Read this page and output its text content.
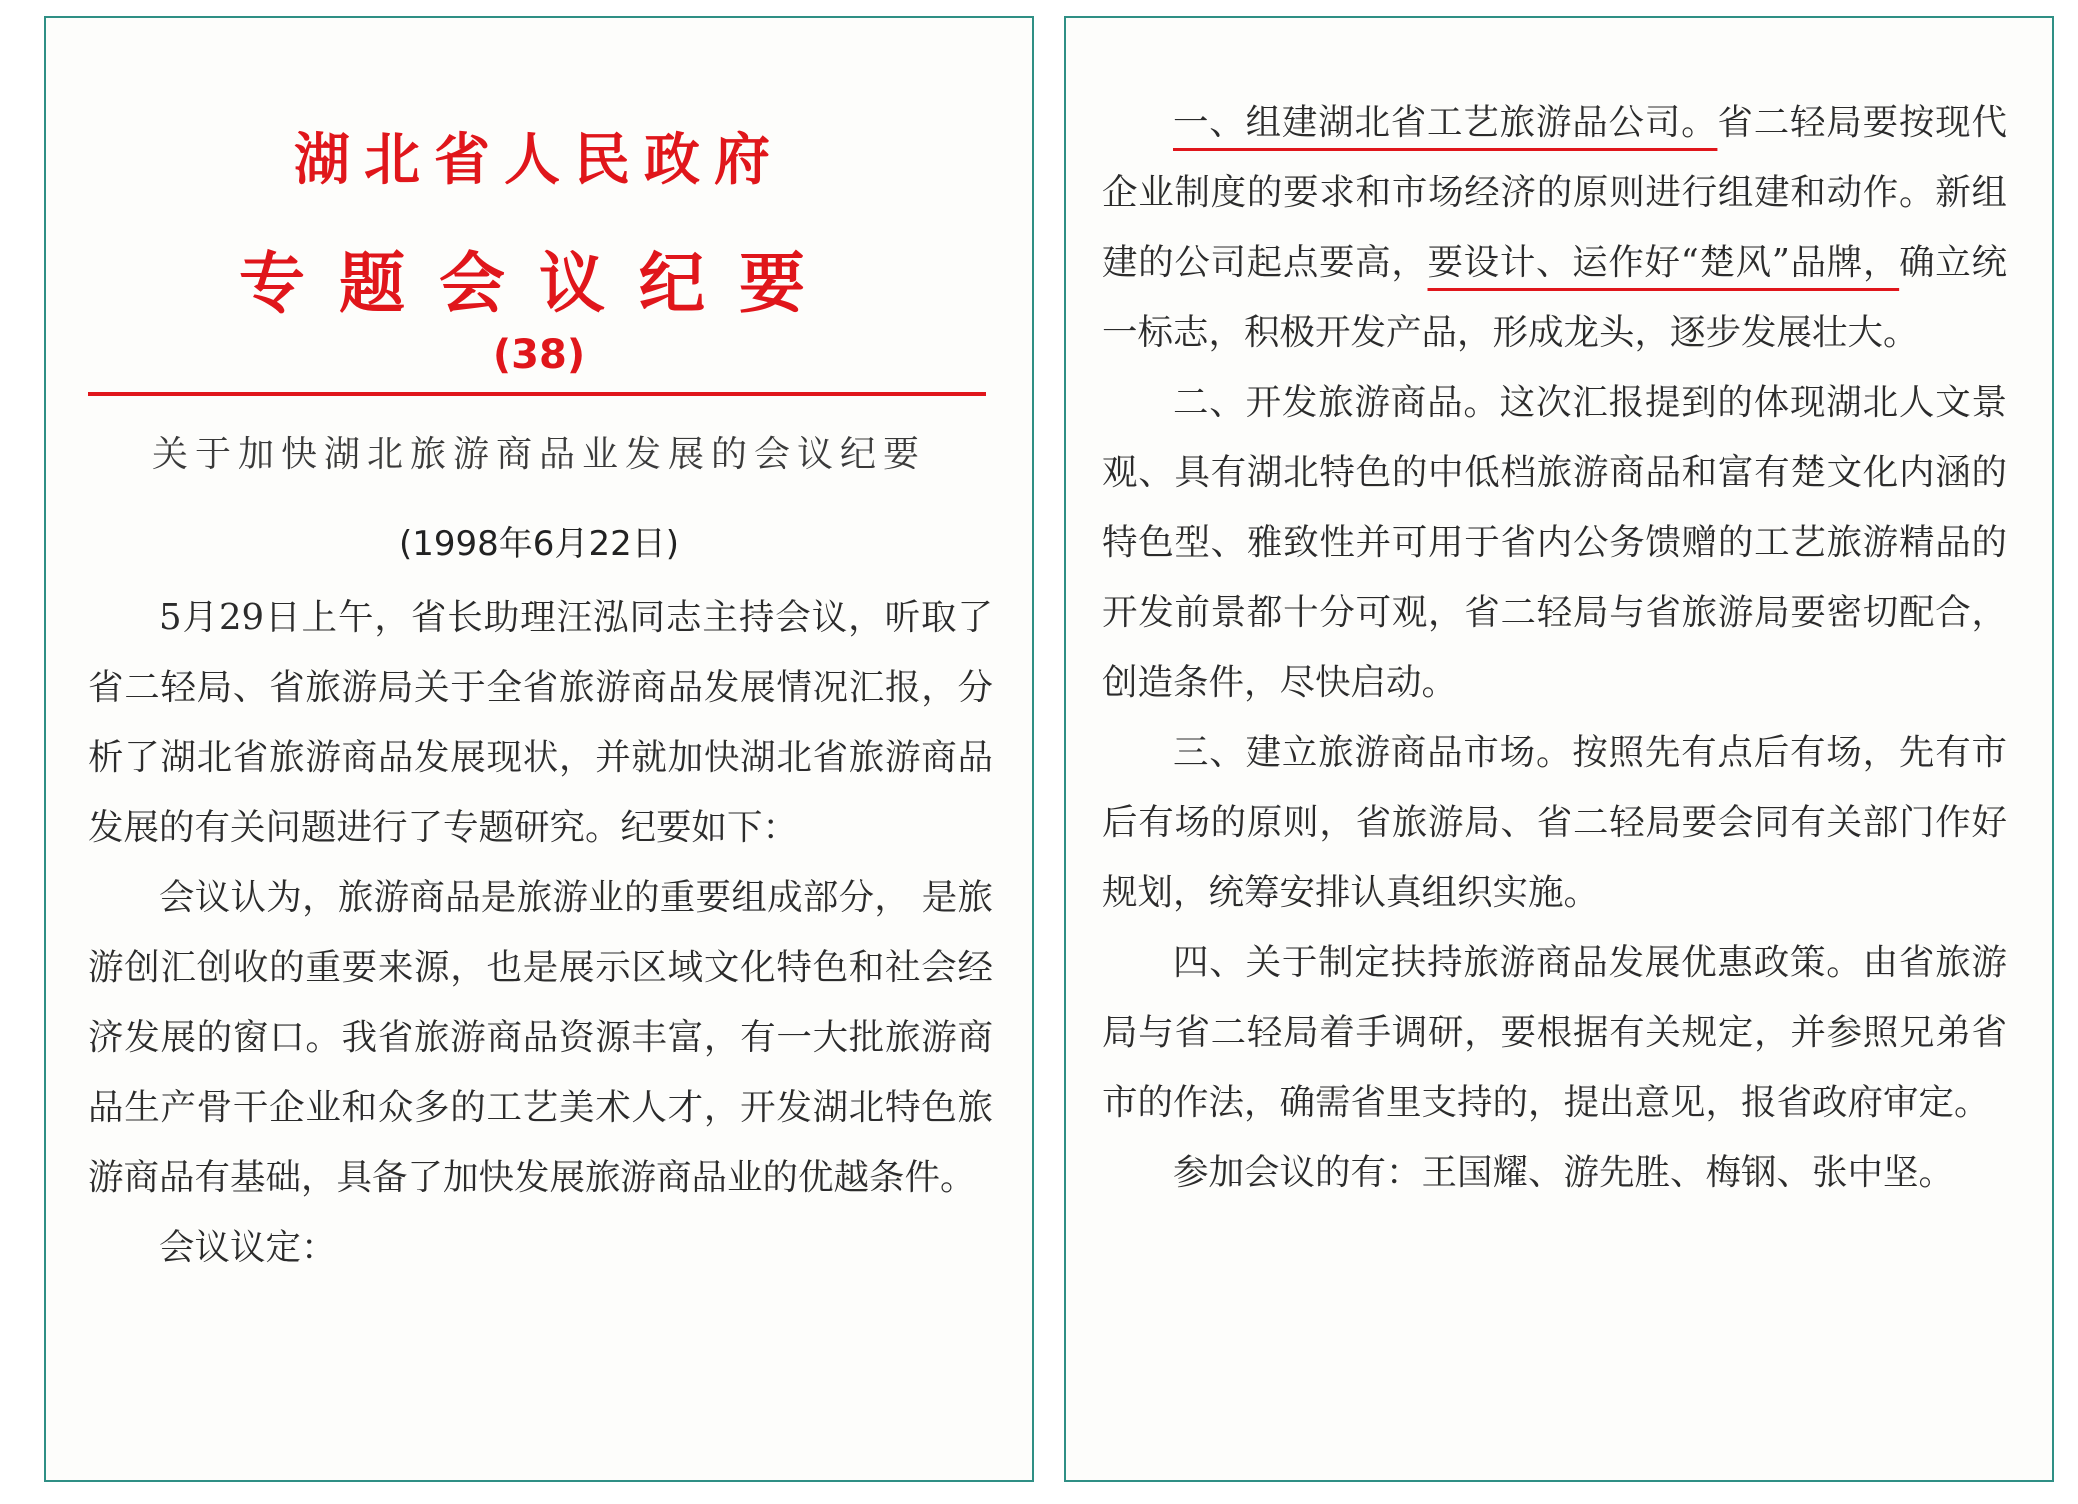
湖北省人民政府
专题会议纪要
(38)
关于加快湖北旅游商品业发展的会议纪要
(1998年6月22日)

5月29日上午，省长助理汪泓同志主持会议，听取了省二轻局、省旅游局关于全省旅游商品发展情况汇报，分析了湖北省旅游商品发展现状，并就加快湖北省旅游商品发展的有关问题进行了专题研究。纪要如下：

会议认为，旅游商品是旅游业的重要组成部分， 是旅游创汇创收的重要来源，也是展示区域文化特色和社会经济发展的窗口。我省旅游商品资源丰富，有一大批旅游商品生产骨干企业和众多的工艺美术人才，开发湖北特色旅游商品有基础，具备了加快发展旅游商品业的优越条件。

会议议定：

一、组建湖北省工艺旅游品公司。省二轻局要按现代企业制度的要求和市场经济的原则进行组建和动作。新组建的公司起点要高，要设计、运作好“楚风”品牌，确立统一标志，积极开发产品，形成龙头，逐步发展壮大。

二、开发旅游商品。这次汇报提到的体现湖北人文景观、具有湖北特色的中低档旅游商品和富有楚文化内涵的特色型、雅致性并可用于省内公务馈赠的工艺旅游精品的开发前景都十分可观，省二轻局与省旅游局要密切配合，创造条件，尽快启动。

三、建立旅游商品市场。按照先有点后有场，先有市后有场的原则，省旅游局、省二轻局要会同有关部门作好规划，统筹安排认真组织实施。

四、关于制定扶持旅游商品发展优惠政策。由省旅游局与省二轻局着手调研，要根据有关规定，并参照兄弟省市的作法，确需省里支持的，提出意见，报省政府审定。

参加会议的有：王国耀、游先胜、梅钢、张中坚。
